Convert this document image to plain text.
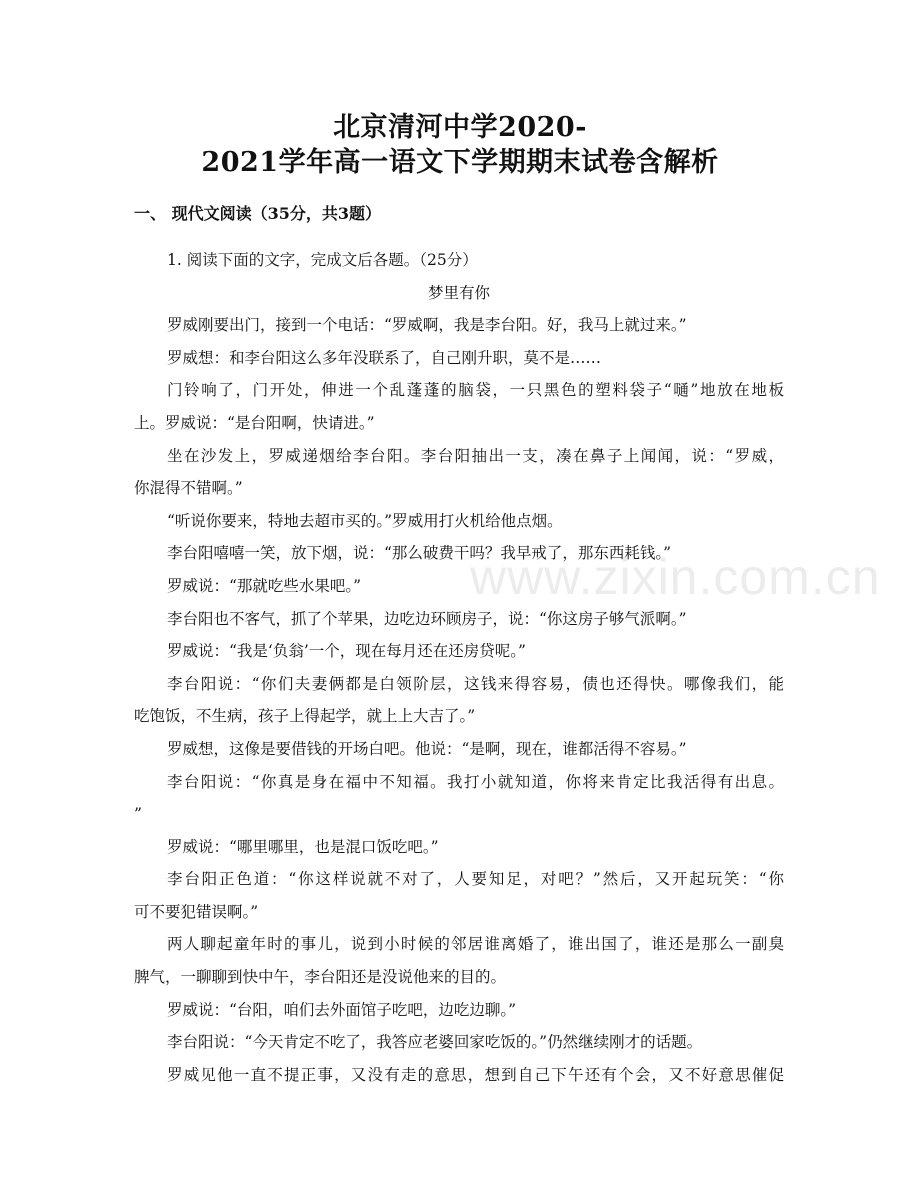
北京清河中学2020-
2021学年高一语文下学期期末试卷含解析
一、 现代文阅读（35分，共3题）
1. 阅读下面的文字，完成文后各题。（25分）
梦里有你
罗威刚要出门，接到一个电话：“罗威啊，我是李台阳。好，我马上就过来。”
罗威想：和李台阳这么多年没联系了，自己刚升职，莫不是……
门铃响了，门开处，伸进一个乱蓬蓬的脑袋，一只黑色的塑料袋子“嗵”地放在地板
上。罗威说：“是台阳啊，快请进。”
坐在沙发上，罗威递烟给李台阳。李台阳抽出一支，凑在鼻子上闻闻，说：“罗威，
你混得不错啊。”
“听说你要来，特地去超市买的。”罗威用打火机给他点烟。
李台阳嘻嘻一笑，放下烟，说：“那么破费干吗？我早戒了，那东西耗钱。”
罗威说：“那就吃些水果吧。”
李台阳也不客气，抓了个苹果，边吃边环顾房子，说：“你这房子够气派啊。”
罗威说：“我是‘负翁’一个，现在每月还在还房贷呢。”
李台阳说：“你们夫妻俩都是白领阶层，这钱来得容易，债也还得快。哪像我们，能
吃饱饭，不生病，孩子上得起学，就上上大吉了。”
罗威想，这像是要借钱的开场白吧。他说：“是啊，现在，谁都活得不容易。”
李台阳说：“你真是身在福中不知福。我打小就知道，你将来肯定比我活得有出息。
”
罗威说：“哪里哪里，也是混口饭吃吧。”
李台阳正色道：“你这样说就不对了，人要知足，对吧？”然后，又开起玩笑：“你
可不要犯错误啊。”
两人聊起童年时的事儿，说到小时候的邻居谁离婚了，谁出国了，谁还是那么一副臭
脾气，一聊聊到快中午，李台阳还是没说他来的目的。
罗威说：“台阳，咱们去外面馆子吃吧，边吃边聊。”
李台阳说：“今天肯定不吃了，我答应老婆回家吃饭的。”仍然继续刚才的话题。
罗威见他一直不提正事，又没有走的意思，想到自己下午还有个会，又不好意思催促
www.zixin.com.cn
